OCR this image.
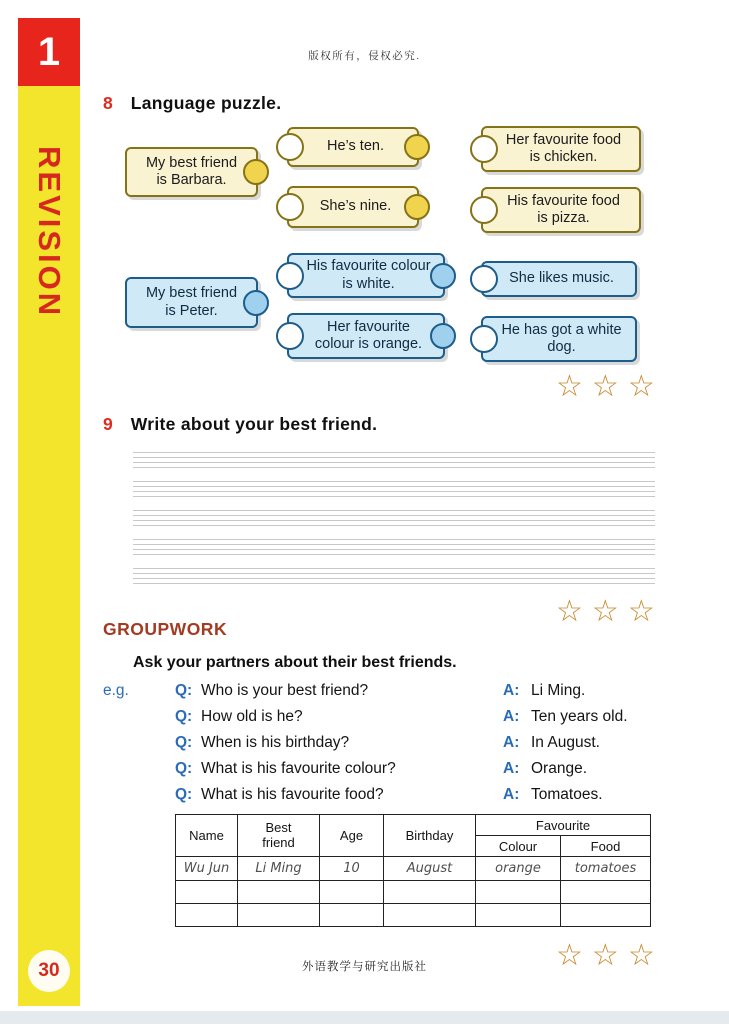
1
REVISION
30
版权所有，侵权必究.
8 Language puzzle.
My best friend is Barbara.
He’s ten.
She’s nine.
Her favourite food is chicken.
His favourite food is pizza.
My best friend is Peter.
His favourite colour is white.
Her favourite colour is orange.
She likes music.
He has got a white dog.
☆ ☆ ☆
9 Write about your best friend.
☆ ☆ ☆
GROUPWORK
Ask your partners about their best friends.
e.g.	Q: Who is your best friend?	A: Li Ming.
Q: How old is he?	A: Ten years old.
Q: When is his birthday?	A: In August.
Q: What is his favourite colour?	A: Orange.
Q: What is his favourite food?	A: Tomatoes.
Name	Best friend	Age	Birthday	Favourite	
				Colour	Food
Wu Jun	Li Ming	10	August	orange	tomatoes

☆ ☆ ☆
外语教学与研究出版社
